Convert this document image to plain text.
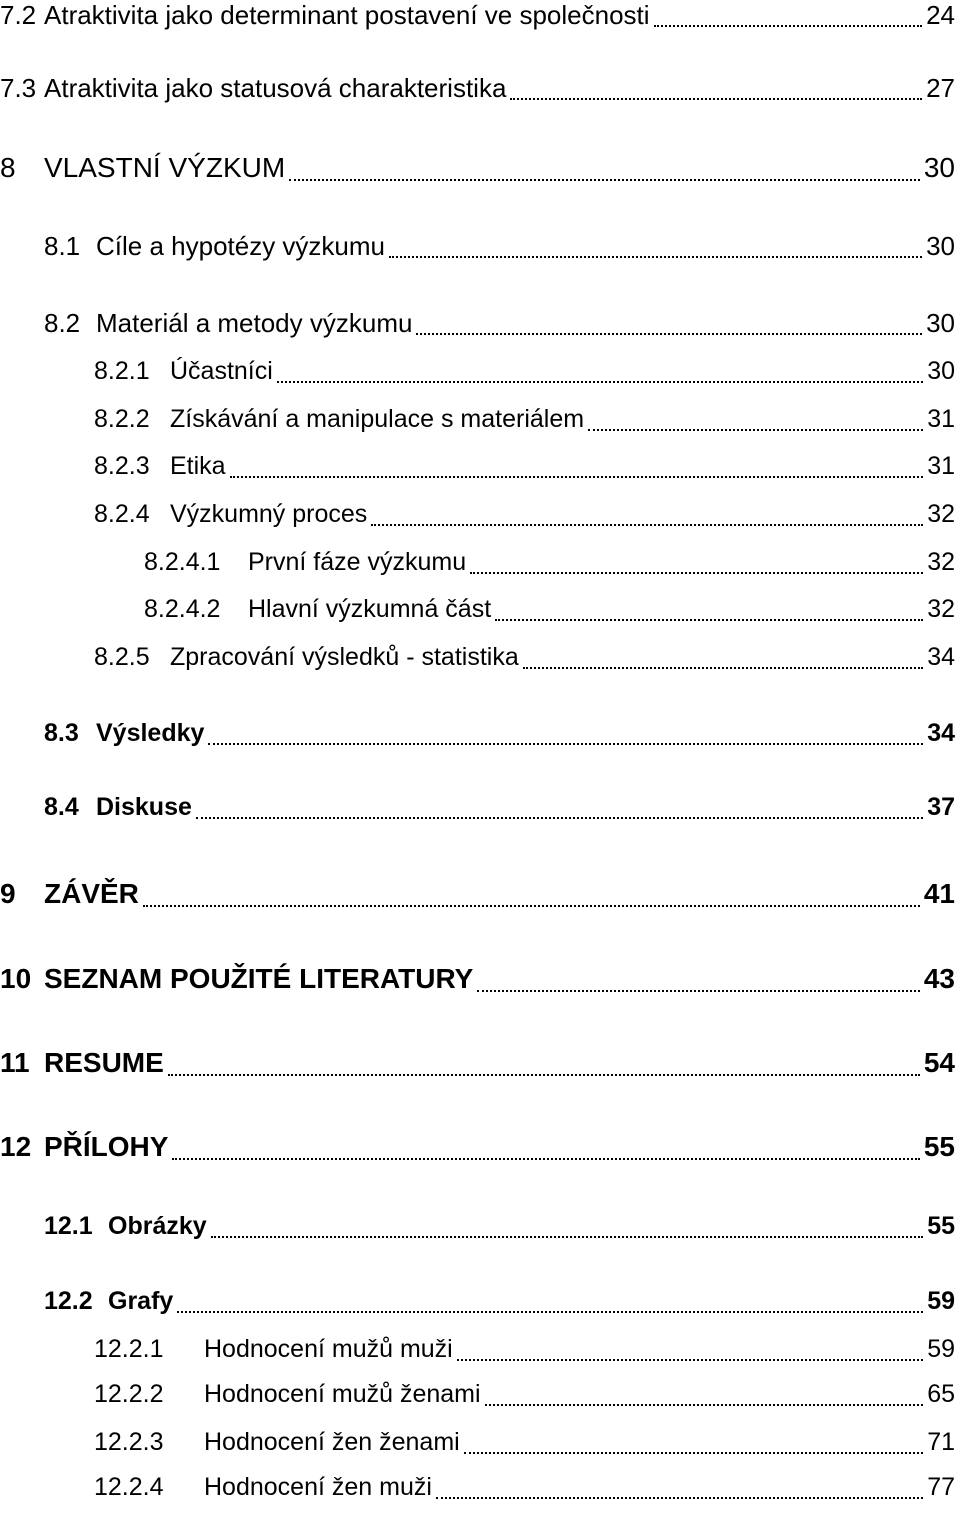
7.2 Atraktivita jako determinant postavení ve společnosti	24
7.3 Atraktivita jako statusová charakteristika	27
8 VLASTNÍ VÝZKUM	30
8.1 Cíle a hypotézy výzkumu	30
8.2 Materiál a metody výzkumu	30
8.2.1 Účastníci	30
8.2.2 Získávání a manipulace s materiálem	31
8.2.3 Etika	31
8.2.4 Výzkumný proces	32
8.2.4.1 První fáze výzkumu	32
8.2.4.2 Hlavní výzkumná část	32
8.2.5 Zpracování výsledků - statistika	34
8.3 Výsledky	34
8.4 Diskuse	37
9 ZÁVĚR	41
10 SEZNAM POUŽITÉ LITERATURY	43
11 RESUME	54
12 PŘÍLOHY	55
12.1 Obrázky	55
12.2 Grafy	59
12.2.1 Hodnocení mužů muži	59
12.2.2 Hodnocení mužů ženami	65
12.2.3 Hodnocení žen ženami	71
12.2.4 Hodnocení žen muži	77
